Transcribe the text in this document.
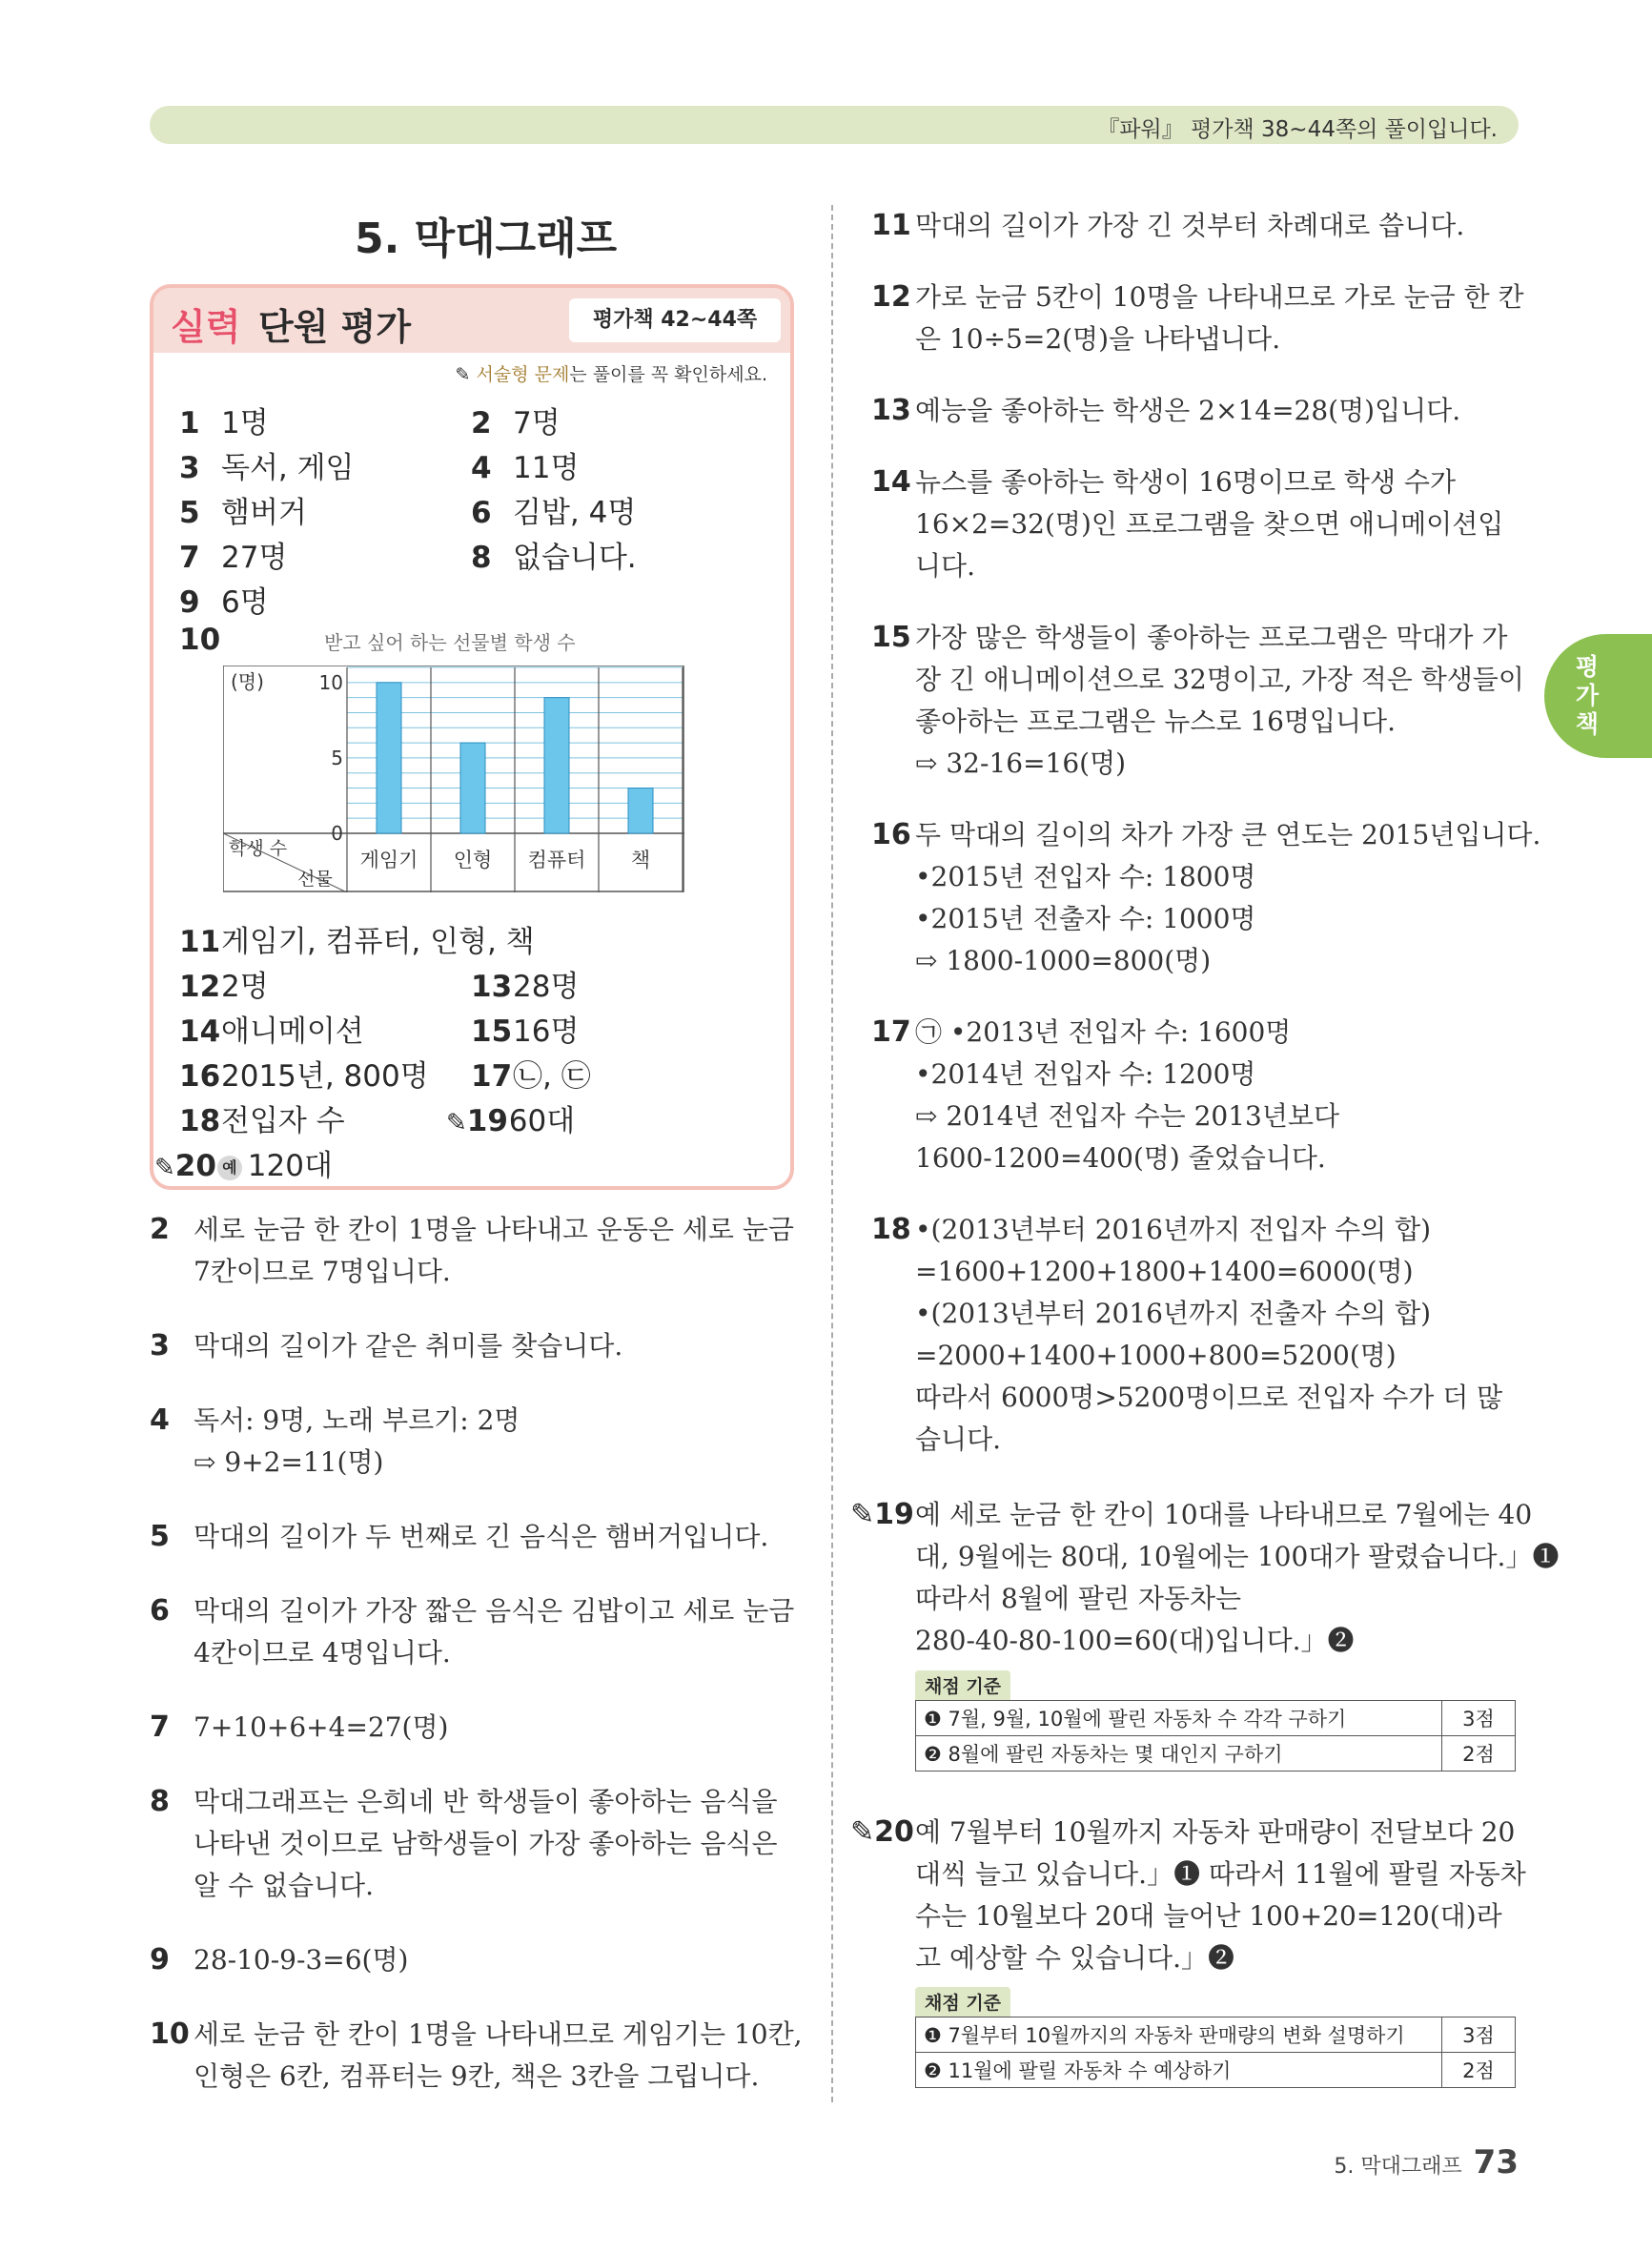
『파워』 평가책 38~44쪽의 풀이입니다.
5. 막대그래프
실력 단원 평가	평가책 42~44쪽
✎ 서술형 문제는 풀이를 꼭 확인하세요.
1 1명	2 7명
3 독서, 게임	4 11명
5 햄버거	6 김밥, 4명
7 27명	8 없습니다.
9 6명
10
11게임기, 컴퓨터, 인형, 책
122명	1328명
14애니메이션	1516명
162015년, 800명 17㉡, ㉢
18전입자 수	✎1960대
✎20 예 120대
받고 싶어 하는 선물별 학생 수
(명)
학생 수
선물
0
5
10
게임기 인형 컴퓨터 책
2 세로 눈금 한 칸이 1명을 나타내고 운동은 세로 눈금
7칸이므로 7명입니다.
3 막대의 길이가 같은 취미를 찾습니다.
4 독서: 9명, 노래 부르기: 2명
⇨ 9+2=11(명)
5 막대의 길이가 두 번째로 긴 음식은 햄버거입니다.
6 막대의 길이가 가장 짧은 음식은 김밥이고 세로 눈금
4칸이므로 4명입니다.
7 7+10+6+4=27(명)
8 막대그래프는 은희네 반 학생들이 좋아하는 음식을
나타낸 것이므로 남학생들이 가장 좋아하는 음식은
알 수 없습니다.
9 28-10-9-3=6(명)
10 세로 눈금 한 칸이 1명을 나타내므로 게임기는 10칸,
인형은 6칸, 컴퓨터는 9칸, 책은 3칸을 그립니다.
11 막대의 길이가 가장 긴 것부터 차례대로 씁니다.
12 가로 눈금 5칸이 10명을 나타내므로 가로 눈금 한 칸
은 10÷5=2(명)을 나타냅니다.
13 예능을 좋아하는 학생은 2×14=28(명)입니다.
14 뉴스를 좋아하는 학생이 16명이므로 학생 수가
16×2=32(명)인 프로그램을 찾으면 애니메이션입
니다.
15 가장 많은 학생들이 좋아하는 프로그램은 막대가 가
장 긴 애니메이션으로 32명이고, 가장 적은 학생들이
좋아하는 프로그램은 뉴스로 16명입니다.
⇨ 32-16=16(명)
16 두 막대의 길이의 차가 가장 큰 연도는 2015년입니다.
•2015년 전입자 수: 1800명
•2015년 전출자 수: 1000명
⇨ 1800-1000=800(명)
17 ㉠ •2013년 전입자 수: 1600명
•2014년 전입자 수: 1200명
⇨ 2014년 전입자 수는 2013년보다
1600-1200=400(명) 줄었습니다.
18 •(2013년부터 2016년까지 전입자 수의 합)
=1600+1200+1800+1400=6000(명)
•(2013년부터 2016년까지 전출자 수의 합)
=2000+1400+1000+800=5200(명)
따라서 6000명>5200명이므로 전입자 수가 더 많
습니다.
평가책
5. 막대그래프 73
✎19 예 세로 눈금 한 칸이 10대를 나타내므로 7월에는 40
대, 9월에는 80대, 10월에는 100대가 팔렸습니다.」❶
따라서 8월에 팔린 자동차는
280-40-80-100=60(대)입니다.」❷
채점 기준
❶ 7월, 9월, 10월에 팔린 자동차 수 각각 구하기	3점
❷ 8월에 팔린 자동차는 몇 대인지 구하기	2점
✎20 예 7월부터 10월까지 자동차 판매량이 전달보다 20
대씩 늘고 있습니다.」❶ 따라서 11월에 팔릴 자동차
수는 10월보다 20대 늘어난 100+20=120(대)라
고 예상할 수 있습니다.」❷
채점 기준
❶ 7월부터 10월까지의 자동차 판매량의 변화 설명하기	3점
❷ 11월에 팔릴 자동차 수 예상하기	2점
